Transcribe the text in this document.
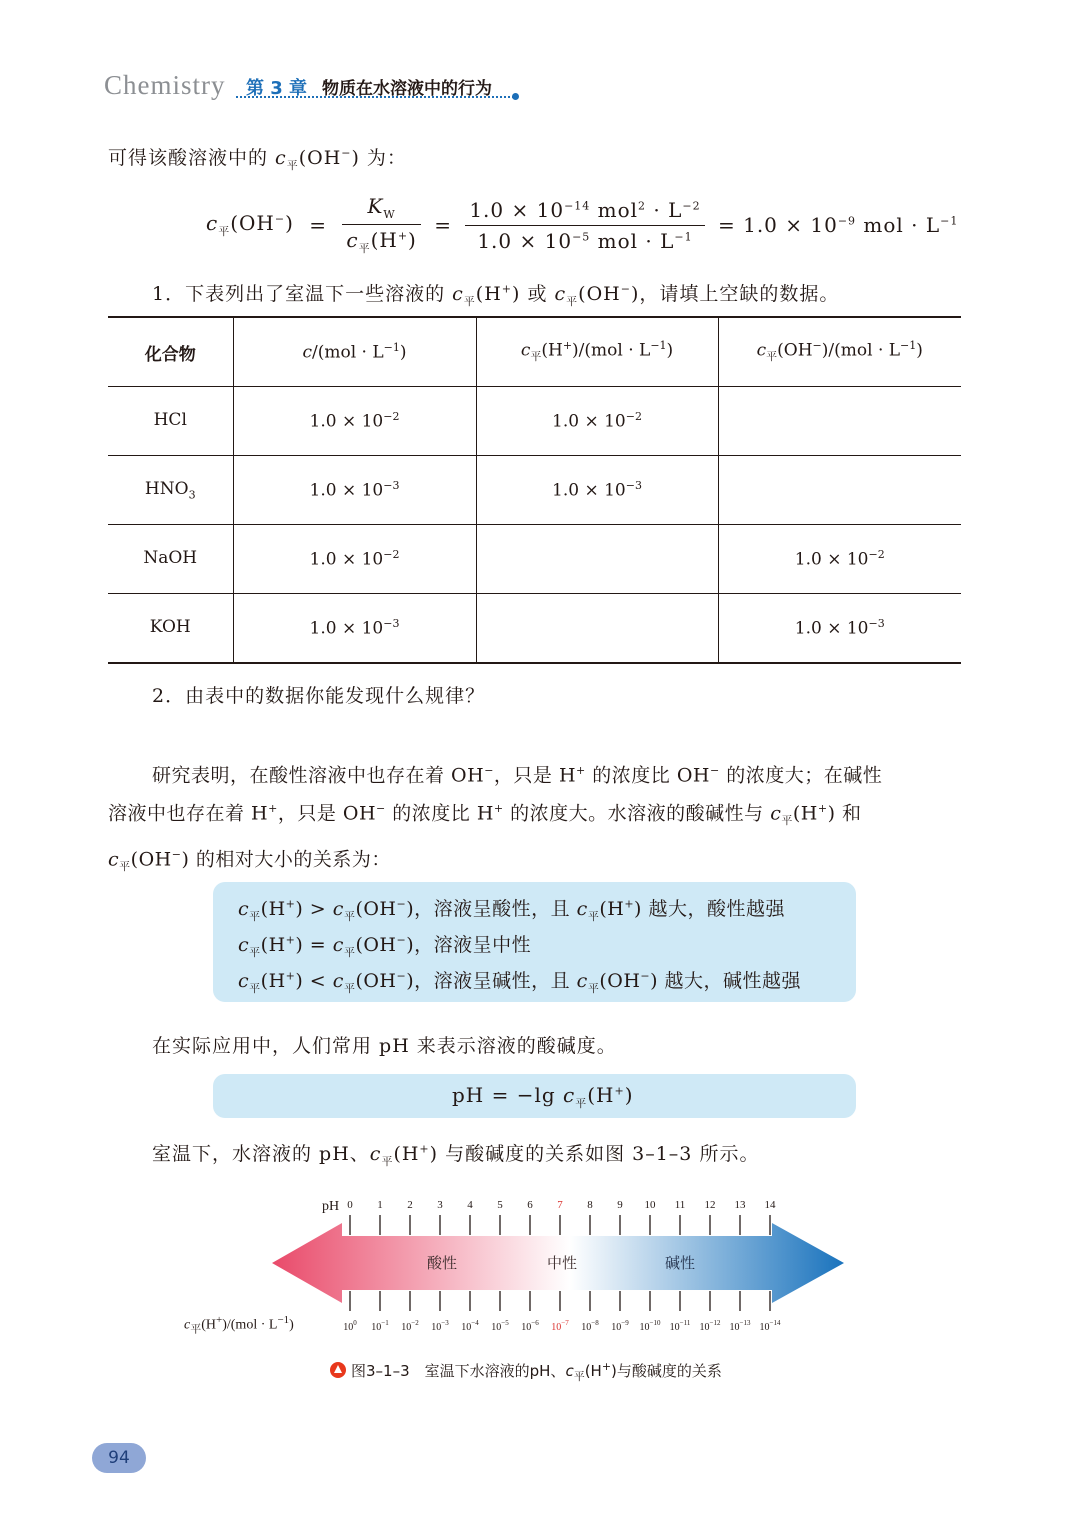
Chemistry 第 3 章 物质在水溶液中的行为
可得该酸溶液中的 $c_平(OH^-)$ 为：
$c_平(OH^-) = \frac{K_W}{c_平(H^+)} = \frac{1.0 \times 10^{-14} mol^2 \cdot L^{-2}}{1.0 \times 10^{-5} mol \cdot L^{-1}} = 1.0 \times 10^{-9}$ mol · $L^{-1}$
1．下表列出了室温下一些溶液的 $c_平(H^+)$ 或 $c_平(OH^-)$，请填上空缺的数据。
化合物	$c/(mol \cdot L^{-1})$	$c_平(H^+)/(mol \cdot L^{-1})$	$c_平(OH^-)/(mol \cdot L^{-1})$
HCl	$1.0 \times 10^{-2}$	$1.0 \times 10^{-2}$	
$HNO_3$	$1.0 \times 10^{-3}$	$1.0 \times 10^{-3}$	
NaOH	$1.0 \times 10^{-2}$		$1.0 \times 10^{-2}$
KOH	$1.0 \times 10^{-3}$		$1.0 \times 10^{-3}$
2．由表中的数据你能发现什么规律？
研究表明，在酸性溶液中也存在着 OH−，只是 H+ 的浓度比 OH− 的浓度大；在碱性
溶液中也存在着 H+，只是 OH− 的浓度比 H+ 的浓度大。水溶液的酸碱性与 $c_平(H^+)$ 和
$c_平(OH^-)$ 的相对大小的关系为：
$c_平(H^+) > c_平(OH^-)$，溶液呈酸性，且 $c_平(H^+)$ 越大，酸性越强
$c_平(H^+) = c_平(OH^-)$，溶液呈中性
$c_平(H^+) < c_平(OH^-)$，溶液呈碱性，且 $c_平(OH^-)$ 越大，碱性越强
在实际应用中，人们常用 pH 来表示溶液的酸碱度。
pH = −lg $c_平(H^+)$
室温下，水溶液的 pH、$c_平(H^+)$ 与酸碱度的关系如图 3–1–3 所示。
pH 0 1 2 3 4 5 6 7 8 9 10 11 12 13 14
$10^0$ $10^{-1}$ $10^{-2}$ $10^{-3}$ $10^{-4}$ $10^{-5}$ $10^{-6}$ $10^{-7}$ $10^{-8}$ $10^{-9}$ $10^{-10}$ $10^{-11}$ $10^{-12}$ $10^{-13}$ $10^{-14}$
酸性	中性	碱性
$c_平(H^+)/(mol \cdot L^{-1})$
图3–1–3　室温下水溶液的pH、$c_平(H^+)$与酸碱度的关系
94
